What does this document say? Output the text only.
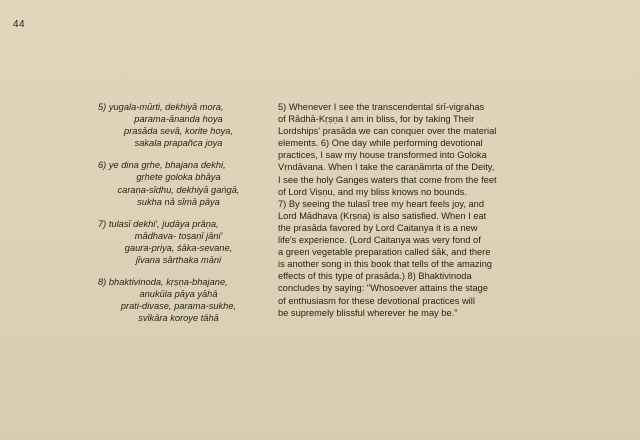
44
5) yugala-mūrti, dekhiyā mora,
parama-ānanda hoya
prasāda sevā, korite hoya,
sakala prapañca joya
6) ye dina gṛhe, bhajana dekhi,
gṛhete goloka bhāya
caraṇa-sīdhu, dekhiyā gaṅgā,
sukha nā sīmā pāya
7) tulasī dekhi', juḍāya prāṇa,
mādhava- toṣaṇī jāni'
gaura-priya, śāka-sevane,
jīvana sārthaka māni
8) bhaktivinoda, kṛṣṇa-bhajane,
anukūla pāya yāhā
prati-divase, parama-sukhe,
svīkāra koroye tāhā
5) Whenever I see the transcendental śrī-vigrahas
of Rādhā-Kṛṣṇa I am in bliss, for by taking Their
Lordships' prasāda we can conquer over the material
elements. 6) One day while performing devotional
practices, I saw my house transformed into Goloka
Vṛndāvana. When I take the caraṇāmṛta of the Deity,
I see the holy Ganges waters that come from the feet
of Lord Viṣṇu, and my bliss knows no bounds.
7) By seeing the tulasī tree my heart feels joy, and
Lord Mādhava (Kṛṣṇa) is also satisfied. When I eat
the prasāda favored by Lord Caitanya it is a new
life's experience. (Lord Caitanya was very fond of
a green vegetable preparation called śāk, and there
is another song in this book that tells of the amazing
effects of this type of prasāda.) 8) Bhaktivinoda
concludes by saying: "Whosoever attains the stage
of enthusiasm for these devotional practices will
be supremely blissful wherever he may be."
